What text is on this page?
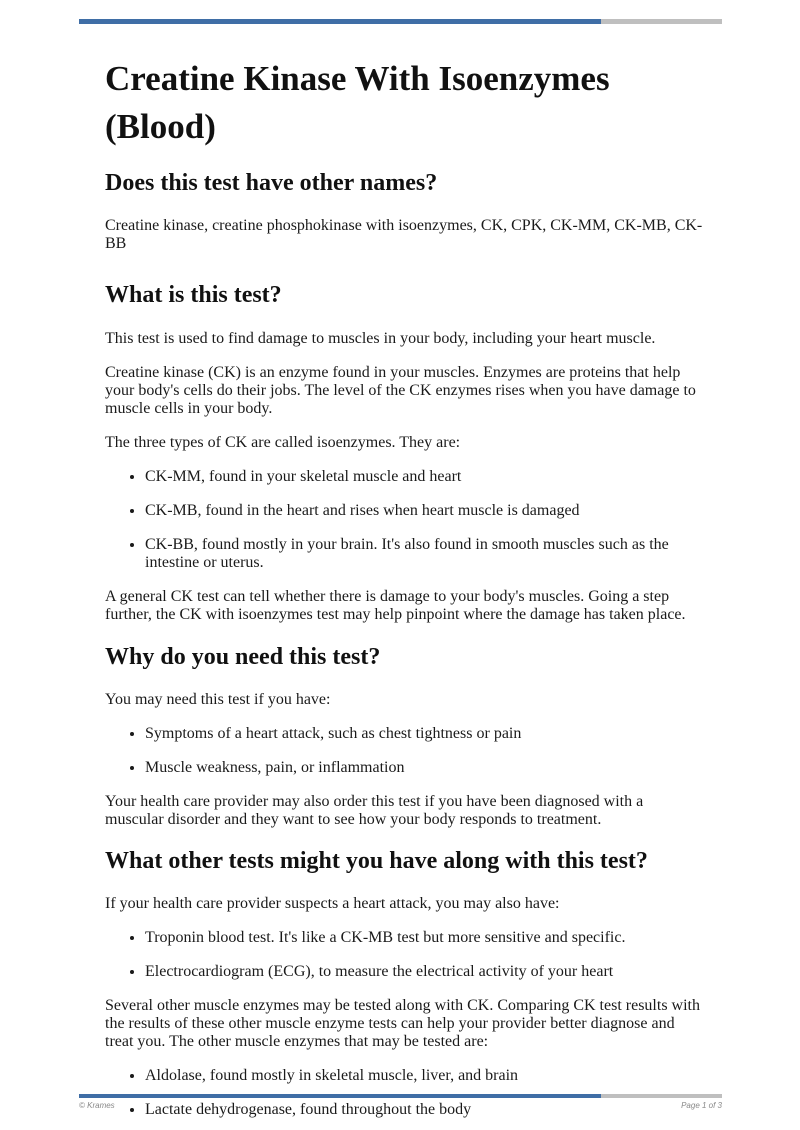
Creatine Kinase With Isoenzymes (Blood)
Does this test have other names?

Creatine kinase, creatine phosphokinase with isoenzymes, CK, CPK, CK-MM, CK-MB, CK-BB

What is this test?

This test is used to find damage to muscles in your body, including your heart muscle.

Creatine kinase (CK) is an enzyme found in your muscles. Enzymes are proteins that help your body's cells do their jobs. The level of the CK enzymes rises when you have damage to muscle cells in your body.

The three types of CK are called isoenzymes. They are:

• CK-MM, found in your skeletal muscle and heart
• CK-MB, found in the heart and rises when heart muscle is damaged
• CK-BB, found mostly in your brain. It's also found in smooth muscles such as the intestine or uterus.

A general CK test can tell whether there is damage to your body's muscles. Going a step further, the CK with isoenzymes test may help pinpoint where the damage has taken place.

Why do you need this test?

You may need this test if you have:

• Symptoms of a heart attack, such as chest tightness or pain
• Muscle weakness, pain, or inflammation

Your health care provider may also order this test if you have been diagnosed with a muscular disorder and they want to see how your body responds to treatment.

What other tests might you have along with this test?

If your health care provider suspects a heart attack, you may also have:

• Troponin blood test. It's like a CK-MB test but more sensitive and specific.
• Electrocardiogram (ECG), to measure the electrical activity of your heart

Several other muscle enzymes may be tested along with CK. Comparing CK test results with the results of these other muscle enzyme tests can help your provider better diagnose and treat you. The other muscle enzymes that may be tested are:

• Aldolase, found mostly in skeletal muscle, liver, and brain
• Lactate dehydrogenase, found throughout the body
© Krames	Page 1 of 3
